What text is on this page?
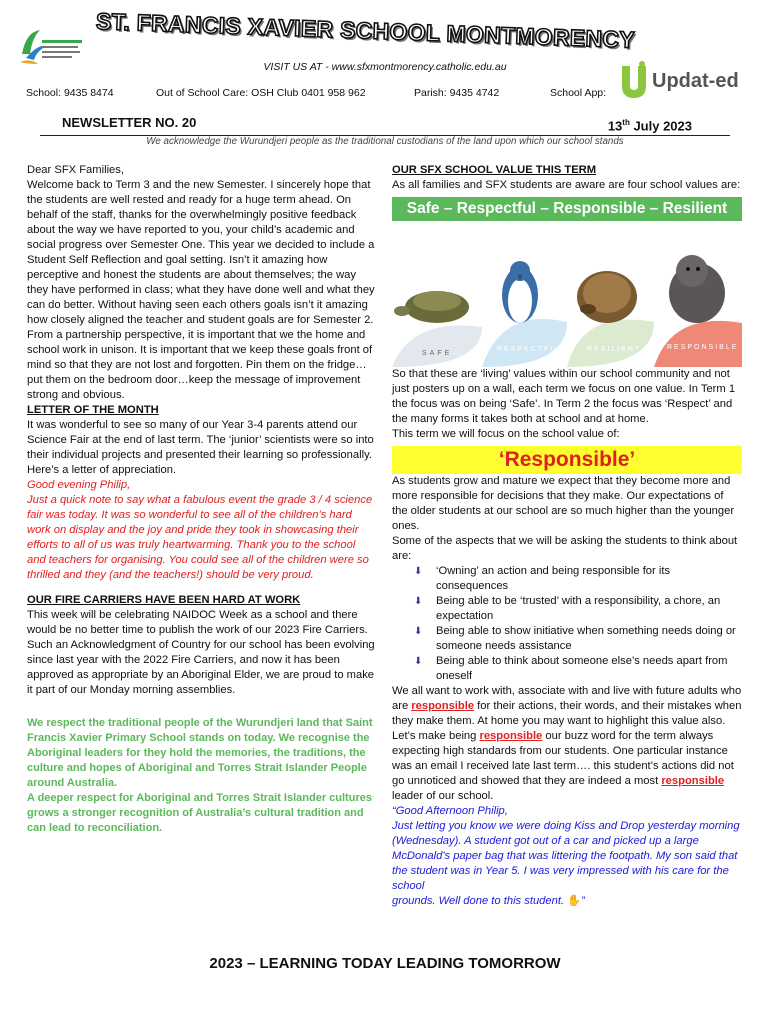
ST. FRANCIS XAVIER SCHOOL MONTMORENCY
VISIT US AT - www.sfxmontmorency.catholic.edu.au
School: 9435 8474	Out of School Care: OSH Club 0401 958 962	Parish: 9435 4742	School App:
Updat-ed
NEWSLETTER NO. 20	13th July 2023
We acknowledge the Wurundjeri people as the traditional custodians of the land upon which our school stands

Dear SFX Families,

Welcome back to Term 3 and the new Semester. I sincerely hope that the students are well rested and ready for a huge term ahead. On behalf of the staff, thanks for the overwhelmingly positive feedback about the way we have reported to you, your child’s academic and social progress over Semester One. This year we decided to include a Student Self Reflection and goal setting. Isn’t it amazing how perceptive and honest the students are about themselves; the way they have performed in class; what they have done well and what they can do better. Without having seen each others goals isn’t it amazing how closely aligned the teacher and student goals are for Semester 2.

From a partnership perspective, it is important that we the home and school work in unison. It is important that we keep these goals front of mind so that they are not lost and forgotten. Pin them on the fridge…put them on the bedroom door…keep the message of improvement strong and obvious.

LETTER OF THE MONTH

It was wonderful to see so many of our Year 3-4 parents attend our Science Fair at the end of last term. The ‘junior’ scientists were so into their individual projects and presented their learning so professionally. Here’s a letter of appreciation.

Good evening Philip,

Just a quick note to say what a fabulous event the grade 3 / 4 science fair was today. It was so wonderful to see all of the children’s hard work on display and the joy and pride they took in showcasing their efforts to all of us was truly heartwarming. Thank you to the school and teachers for organising. You could see all of the children were so thrilled and they (and the teachers!) should be very proud.

OUR FIRE CARRIERS HAVE BEEN HARD AT WORK

This week will be celebrating NAIDOC Week as a school and there would be no better time to publish the work of our 2023 Fire Carriers. Such an Acknowledgment of Country for our school has been evolving since last year with the 2022 Fire Carriers, and now it has been approved as appropriate by an Aboriginal Elder, we are proud to make it part of our Monday morning assemblies.

We respect the traditional people of the Wurundjeri land that Saint Francis Xavier Primary School stands on today. We recognise the Aboriginal leaders for they hold the memories, the traditions, the culture and hopes of Aboriginal and Torres Strait Islander People around Australia.

A deeper respect for Aboriginal and Torres Strait Islander cultures grows a stronger recognition of Australia’s cultural tradition and can lead to reconciliation.

OUR SFX SCHOOL VALUE THIS TERM

As all families and SFX students are aware are four school values are:

Safe – Respectful – Responsible – Resilient
SAFE
RESPECTFUL	RESILIENT	RESPONSIBLE

So that these are ‘living’ values within our school community and not just posters up on a wall, each term we focus on one value. In Term 1 the focus was on being ‘Safe’. In Term 2 the focus was ‘Respect’ and the many forms it takes both at school and at home.

This term we will focus on the school value of:

‘Responsible’

As students grow and mature we expect that they become more and more responsible for decisions that they make. Our expectations of the older students at our school are so much higher than the younger ones.

Some of the aspects that we will be asking the students to think about are:

⬇ ‘Owning’ an action and being responsible for its consequences
⬇ Being able to be ‘trusted’ with a responsibility, a chore, an expectation
⬇ Being able to show initiative when something needs doing or someone needs assistance
⬇ Being able to think about someone else’s needs apart from oneself

We all want to work with, associate with and live with future adults who are responsible for their actions, their words, and their mistakes when they make them. At home you may want to highlight this value also.

Let’s make being responsible our buzz word for the term always expecting high standards from our students. One particular instance was an email I received late last term…. this student’s actions did not go unnoticed and showed that they are indeed a most responsible leader of our school.

“Good Afternoon Philip,

Just letting you know we were doing Kiss and Drop yesterday morning (Wednesday). A student got out of a car and picked up a large McDonald's paper bag that was littering the footpath. My son said that the student was in Year 5. I was very impressed with his care for the school

grounds. Well done to this student. ✋”

2023 – LEARNING TODAY LEADING TOMORROW
